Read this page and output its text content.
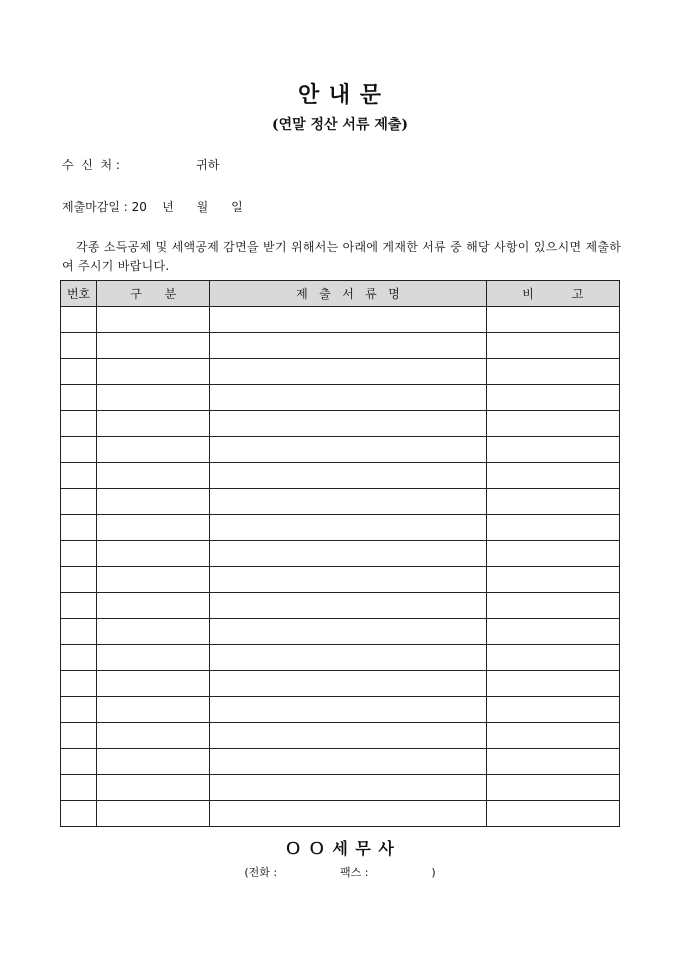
안 내 문
(연말 정산 서류 제출)
수  신  처 :                    귀하
제출마감일 : 20    년      월      일
각종 소득공제 및 세액공제 감면을 받기 위해서는 아래에 게재한 서류 중 해당 사항이 있으시면 제출하여 주시기 바랍니다.
번호	구      분	제   출   서   류   명	비          고

Ｏ Ｏ 세 무 사
(전화 :                  팩스 :                  )
